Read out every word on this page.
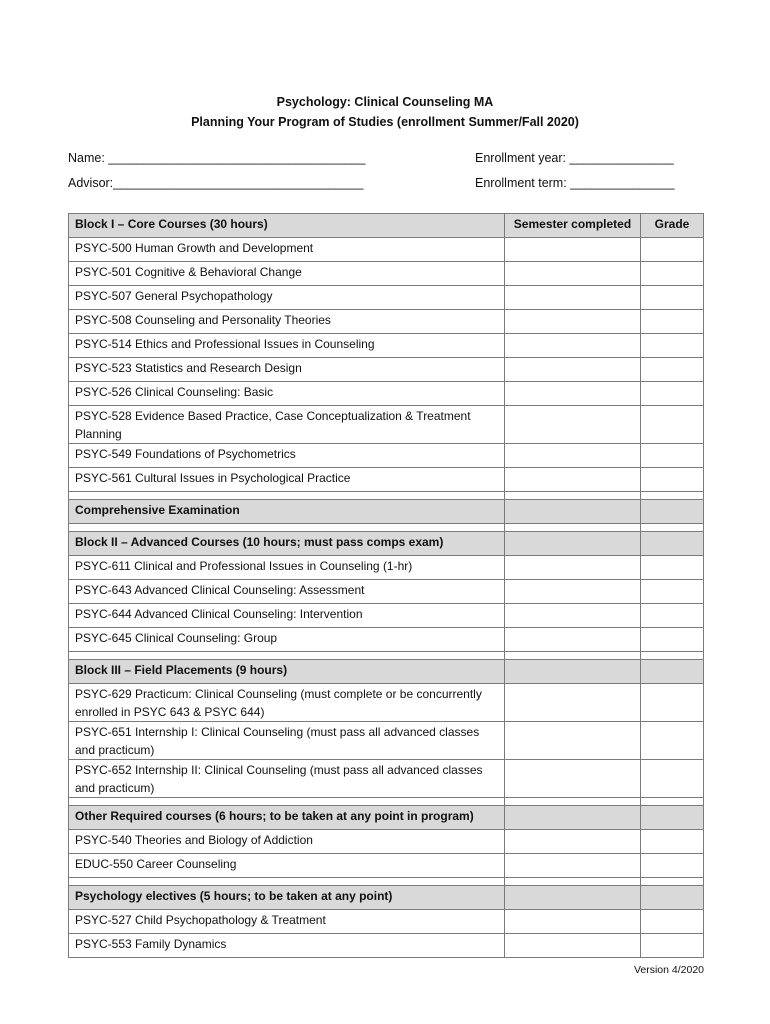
Psychology: Clinical Counseling MA
Planning Your Program of Studies (enrollment Summer/Fall 2020)
Name: _____________________________________	Enrollment year: _______________
Advisor:____________________________________	Enrollment term: _______________
Block I – Core Courses (30 hours)	Semester completed	Grade
PSYC-500 Human Growth and Development		
PSYC-501 Cognitive & Behavioral Change		
PSYC-507 General Psychopathology		
PSYC-508 Counseling and Personality Theories		
PSYC-514 Ethics and Professional Issues in Counseling		
PSYC-523 Statistics and Research Design		
PSYC-526 Clinical Counseling: Basic		
PSYC-528 Evidence Based Practice, Case Conceptualization & Treatment Planning		
PSYC-549 Foundations of Psychometrics		
PSYC-561 Cultural Issues in Psychological Practice		

Comprehensive Examination		

Block II – Advanced Courses (10 hours; must pass comps exam)		
PSYC-611 Clinical and Professional Issues in Counseling (1-hr)		
PSYC-643 Advanced Clinical Counseling: Assessment		
PSYC-644 Advanced Clinical Counseling: Intervention		
PSYC-645 Clinical Counseling: Group		

Block III – Field Placements (9 hours)		
PSYC-629 Practicum: Clinical Counseling (must complete or be concurrently enrolled in PSYC 643 & PSYC 644)		
PSYC-651 Internship I: Clinical Counseling (must pass all advanced classes and practicum)		
PSYC-652 Internship II: Clinical Counseling (must pass all advanced classes and practicum)		

Other Required courses (6 hours; to be taken at any point in program)		
PSYC-540 Theories and Biology of Addiction		
EDUC-550 Career Counseling		

Psychology electives (5 hours; to be taken at any point)		
PSYC-527 Child Psychopathology & Treatment		
PSYC-553 Family Dynamics		
Version 4/2020
